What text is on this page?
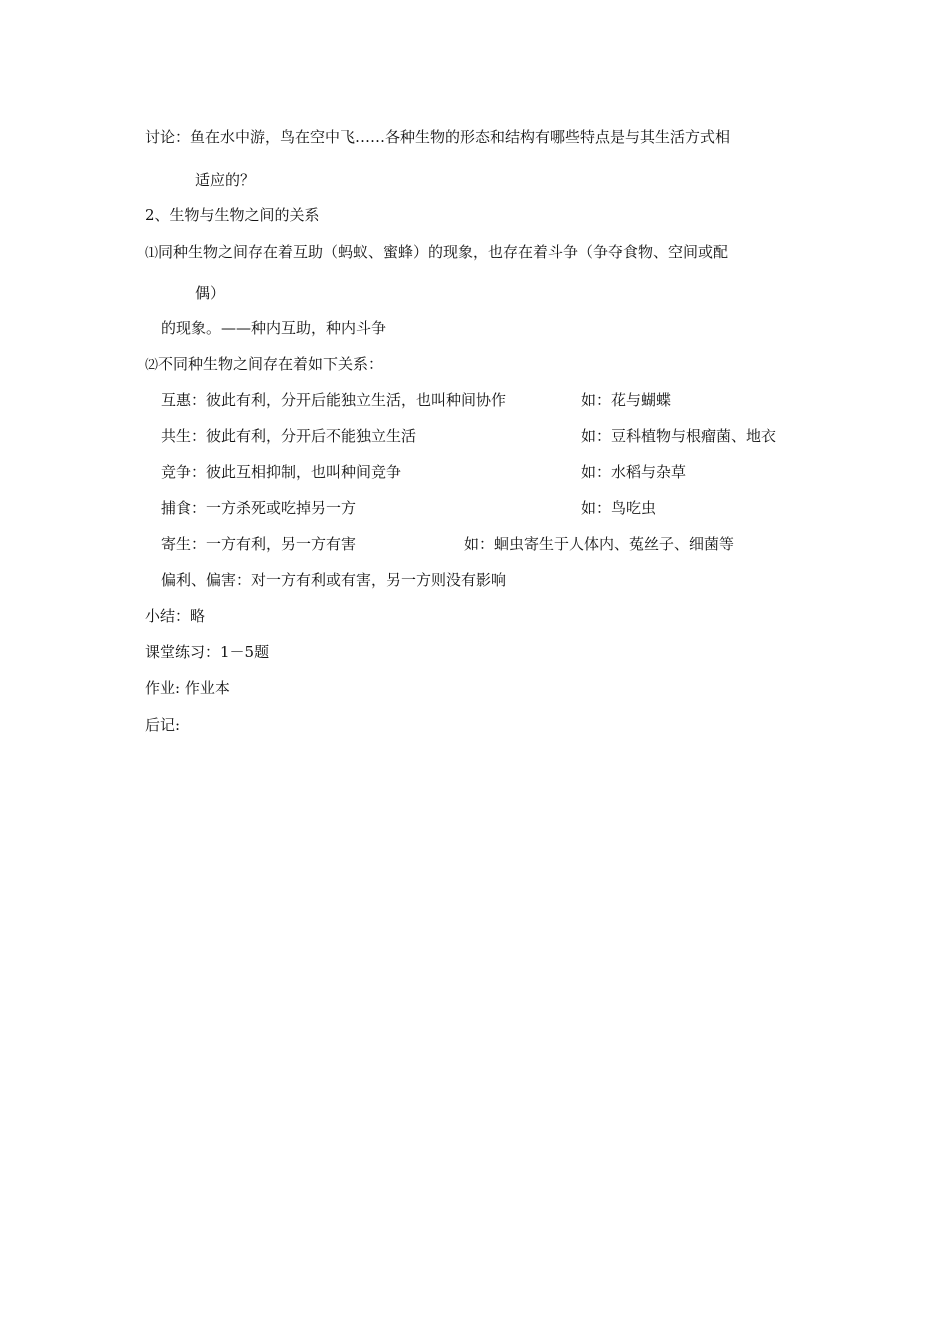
讨论：鱼在水中游，鸟在空中飞……各种生物的形态和结构有哪些特点是与其生活方式相
适应的？
2、生物与生物之间的关系
⑴同种生物之间存在着互助（蚂蚁、蜜蜂）的现象，也存在着斗争（争夺食物、空间或配
偶）
的现象。——种内互助，种内斗争
⑵不同种生物之间存在着如下关系：
互惠：彼此有利，分开后能独立生活，也叫种间协作	如：花与蝴蝶
共生：彼此有利，分开后不能独立生活	如：豆科植物与根瘤菌、地衣
竞争：彼此互相抑制，也叫种间竞争	如：水稻与杂草
捕食：一方杀死或吃掉另一方	如：鸟吃虫
寄生：一方有利，另一方有害	如：蛔虫寄生于人体内、菟丝子、细菌等
偏利、偏害：对一方有利或有害，另一方则没有影响
小结：略
课堂练习：1－5题
作业: 作业本
后记:
